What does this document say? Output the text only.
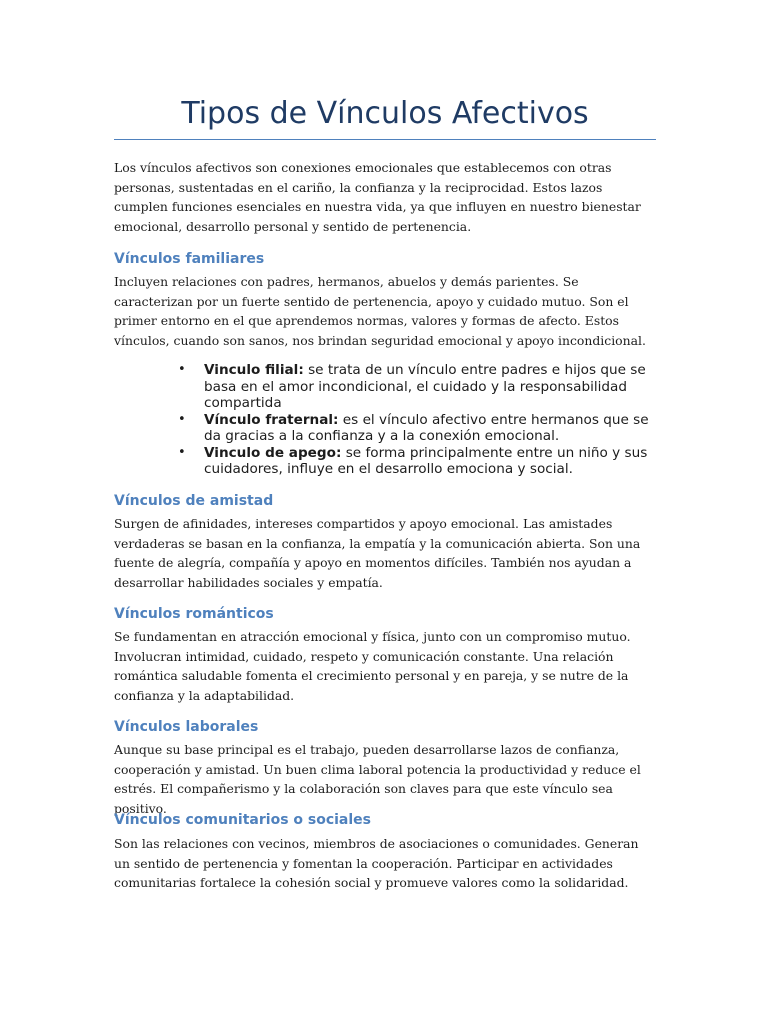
Tipos de Vínculos Afectivos

Los vínculos afectivos son conexiones emocionales que establecemos con otras personas, sustentadas en el cariño, la confianza y la reciprocidad. Estos lazos cumplen funciones esenciales en nuestra vida, ya que influyen en nuestro bienestar emocional, desarrollo personal y sentido de pertenencia.

Vínculos familiares

Incluyen relaciones con padres, hermanos, abuelos y demás parientes. Se caracterizan por un fuerte sentido de pertenencia, apoyo y cuidado mutuo. Son el primer entorno en el que aprendemos normas, valores y formas de afecto. Estos vínculos, cuando son sanos, nos brindan seguridad emocional y apoyo incondicional.

• Vinculo filial: se trata de un vínculo entre padres e hijos que se basa en el amor incondicional, el cuidado y la responsabilidad compartida
• Vínculo fraternal: es el vínculo afectivo entre hermanos que se da gracias a la confianza y a la conexión emocional.
• Vinculo de apego: se forma principalmente entre un niño y sus cuidadores, influye en el desarrollo emociona y social.
Vínculos de amistad

Surgen de afinidades, intereses compartidos y apoyo emocional. Las amistades verdaderas se basan en la confianza, la empatía y la comunicación abierta. Son una fuente de alegría, compañía y apoyo en momentos difíciles. También nos ayudan a desarrollar habilidades sociales y empatía.

Vínculos románticos

Se fundamentan en atracción emocional y física, junto con un compromiso mutuo. Involucran intimidad, cuidado, respeto y comunicación constante. Una relación romántica saludable fomenta el crecimiento personal y en pareja, y se nutre de la confianza y la adaptabilidad.

Vínculos laborales

Aunque su base principal es el trabajo, pueden desarrollarse lazos de confianza, cooperación y amistad. Un buen clima laboral potencia la productividad y reduce el estrés. El compañerismo y la colaboración son claves para que este vínculo sea positivo.

Vínculos comunitarios o sociales

Son las relaciones con vecinos, miembros de asociaciones o comunidades. Generan un sentido de pertenencia y fomentan la cooperación. Participar en actividades comunitarias fortalece la cohesión social y promueve valores como la solidaridad.
